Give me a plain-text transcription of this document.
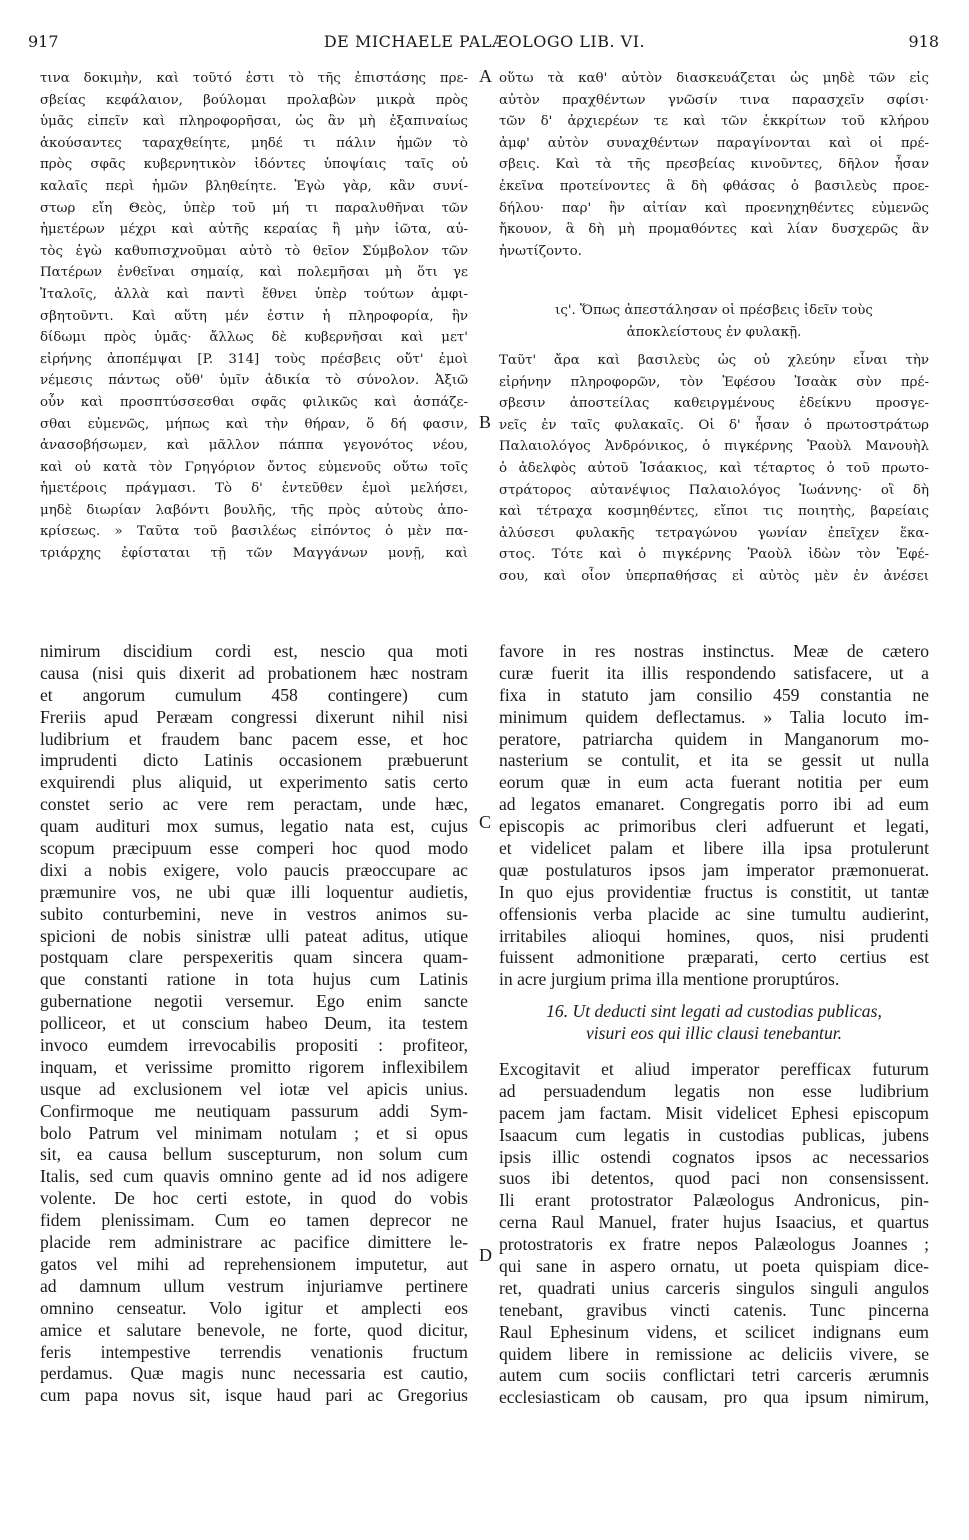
917	DE MICHAELE PALÆOLOGO LIB. VI.	918
A
B
C
D
τινα δοκιμὴν, καὶ τοῦτό ἐστι τὸ τῆς ἐπιστάσης πρε-
σβείας κεφάλαιον, βούλομαι προλαβὼν μικρὰ πρὸς
ὑμᾶς εἰπεῖν καὶ πληροφορῆσαι, ὡς ἂν μὴ ἐξαπιναίως
ἀκούσαντες ταραχθείητε, μηδέ τι πάλιν ἡμῶν τὸ
πρὸς σφᾶς κυβερνητικὸν ἰδόντες ὑποψίαις ταῖς οὐ
καλαῖς περὶ ἡμῶν βληθείητε. Ἐγὼ γὰρ, κἂν συνί-
στωρ εἴη Θεὸς, ὑπὲρ τοῦ μή τι παραλυθῆναι τῶν
ἡμετέρων μέχρι καὶ αὐτῆς κεραίας ἢ μὴν ἰῶτα, αὐ-
τὸς ἐγὼ καθυπισχνοῦμαι αὐτὸ τὸ θεῖον Σύμβολον τῶν
Πατέρων ἐνθεῖναι σημαίᾳ, καὶ πολεμῆσαι μὴ ὅτι γε
Ἰταλοῖς, ἀλλὰ καὶ παντὶ ἔθνει ὑπὲρ τούτων ἀμφι-
σβητοῦντι. Καὶ αὕτη μέν ἐστιν ἡ πληροφορία, ἣν
δίδωμι πρὸς ὑμᾶς· ἄλλως δὲ κυβερνῆσαι καὶ μετ'
εἰρήνης ἀποπέμψαι [P. 314] τοὺς πρέσβεις οὔτ' ἐμοὶ
νέμεσις πάντως οὔθ' ὑμῖν ἀδικία τὸ σύνολον. Ἀξιῶ
οὖν καὶ προσπτύσσεσθαι σφᾶς φιλικῶς καὶ ἀσπάζε-
σθαι εὐμενῶς, μήπως καὶ τὴν θήραν, ὅ δή φασιν,
ἀνασοβήσωμεν, καὶ μᾶλλον πάππα γεγονότος νέου,
καὶ οὐ κατὰ τὸν Γρηγόριον ὄντος εὐμενοῦς οὕτω τοῖς
ἡμετέροις πράγμασι. Τὸ δ' ἐντεῦθεν ἐμοὶ μελήσει,
μηδὲ διωρίαν λαβόντι βουλῆς, τῆς πρὸς αὐτοὺς ἀπο-
κρίσεως. » Ταῦτα τοῦ βασιλέως εἰπόντος ὁ μὲν πα-
τριάρχης ἐφίσταται τῇ τῶν Μαγγάνων μονῇ, καὶ
οὕτω τὰ καθ' αὐτὸν διασκευάζεται ὡς μηδὲ τῶν εἰς
αὐτὸν πραχθέντων γνῶσίν τινα παρασχεῖν σφίσι·
τῶν δ' ἀρχιερέων τε καὶ τῶν ἐκκρίτων τοῦ κλήρου
ἀμφ' αὐτὸν συναχθέντων παραγίνονται καὶ οἱ πρέ-
σβεις. Καὶ τὰ τῆς πρεσβείας κινοῦντες, δῆλον ἦσαν
ἐκεῖνα προτείνοντες ἃ δὴ φθάσας ὁ βασιλεὺς προε-
δήλου· παρ' ἣν αἰτίαν καὶ προενηχηθέντες εὐμενῶς
ἤκουον, ἃ δὴ μὴ προμαθόντες καὶ λίαν δυσχερῶς ἂν
ἠνωτίζοντο.
ις'. Ὅπως ἀπεστάλησαν οἱ πρέσβεις ἰδεῖν τοὺς
ἀποκλείστους ἐν φυλακῇ.
Ταῦτ' ἄρα καὶ βασιλεὺς ὡς οὐ χλεύην εἶναι τὴν
εἰρήνην πληροφορῶν, τὸν Ἐφέσου Ἰσαὰκ σὺν πρέ-
σβεσιν ἀποστείλας καθειργμένους ἐδείκνυ προσγε-
νεῖς ἐν ταῖς φυλακαῖς. Οἱ δ' ἦσαν ὁ πρωτοστράτωρ
Παλαιολόγος Ἀνδρόνικος, ὁ πιγκέρνης Ῥαοὺλ Μανουὴλ
ὁ ἀδελφὸς αὐτοῦ Ἰσάακιος, καὶ τέταρτος ὁ τοῦ πρωτο-
στράτορος αὐτανέψιος Παλαιολόγος Ἰωάννης· οἳ δὴ
καὶ τέτραχα κοσμηθέντες, εἴποι τις ποιητὴς, βαρείαις
ἁλύσεσι φυλακῆς τετραγώνου γωνίαν ἐπεῖχεν ἕκα-
στος. Τότε καὶ ὁ πιγκέρνης Ῥαοὺλ ἰδὼν τὸν Ἐφέ-
σου, καὶ οἷον ὑπερπαθήσας εἰ αὐτὸς μὲν ἐν ἀνέσει
nimirum discidium cordi est, nescio qua moti
causa (nisi quis dixerit ad probationem hæc nostram
et angorum cumulum 458 contingere) cum
Freriis apud Peræam congressi dixerunt nihil nisi
ludibrium et fraudem banc pacem esse, et hoc
imprudenti dicto Latinis occasionem præbuerunt
exquirendi plus aliquid, ut experimento satis certo
constet serio ac vere rem peractam, unde hæc,
quam audituri mox sumus, legatio nata est, cujus
scopum præcipuum esse comperi hoc quod modo
dixi a nobis exigere, volo paucis præoccupare ac
præmunire vos, ne ubi quæ illi loquentur audietis,
subito conturbemini, neve in vestros animos su-
spicioni de nobis sinistræ ulli pateat aditus, utique
postquam clare perspexeritis quam sincera quam-
que constanti ratione in tota hujus cum Latinis
gubernatione negotii versemur. Ego enim sancte
polliceor, et ut conscium habeo Deum, ita testem
invoco eumdem irrevocabilis propositi : profiteor,
inquam, et verissime promitto rigorem inflexibilem
usque ad exclusionem vel iotæ vel apicis unius.
Confirmoque me neutiquam passurum addi Sym-
bolo Patrum vel minimam notulam ; et si opus
sit, ea causa bellum suscepturum, non solum cum
Italis, sed cum quavis omnino gente ad id nos adigere
volente. De hoc certi estote, in quod do vobis
fidem plenissimam. Cum eo tamen deprecor ne
placide rem administrare ac pacifice dimittere le-
gatos vel mihi ad reprehensionem imputetur, aut
ad damnum ullum vestrum injuriamve pertinere
omnino censeatur. Volo igitur et amplecti eos
amice et salutare benevole, ne forte, quod dicitur,
feris intempestive terrendis venationis fructum
perdamus. Quæ magis nunc necessaria est cautio,
cum papa novus sit, isque haud pari ac Gregorius
favore in res nostras instinctus. Meæ de cætero
curæ fuerit ita illis respondendo satisfacere, ut a
fixa in statuto jam consilio 459 constantia ne
minimum quidem deflectamus. » Talia locuto im-
peratore, patriarcha quidem in Manganorum mo-
nasterium se contulit, et ita se gessit ut nulla
eorum quæ in eum acta fuerant notitia per eum
ad legatos emanaret. Congregatis porro ibi ad eum
episcopis ac primoribus cleri adfuerunt et legati,
et videlicet palam et libere illa ipsa protulerunt
quæ postulaturos ipsos jam imperator præmonuerat.
In quo ejus providentiæ fructus is constitit, ut tantæ
offensionis verba placide ac sine tumultu audierint,
irritabiles alioqui homines, quos, nisi prudenti
fuissent admonitione præparati, certo certius est
in acre jurgium prima illa mentione proruptúros.
16. Ut deducti sint legati ad custodias publicas,
visuri eos qui illic clausi tenebantur.
Excogitavit et aliud imperator perefficax futurum
ad persuadendum legatis non esse ludibrium
pacem jam factam. Misit videlicet Ephesi episcopum
Isaacum cum legatis in custodias publicas, jubens
ipsis illic ostendi cognatos ipsos ac necessarios
suos ibi detentos, quod paci non consensissent.
Ili erant protostrator Palæologus Andronicus, pin-
cerna Raul Manuel, frater hujus Isaacius, et quartus
protostratoris ex fratre nepos Palæologus Joannes ;
qui sane in aspero ornatu, ut poeta quispiam dice-
ret, quadrati unius carceris singulos singuli angulos
tenebant, gravibus vincti catenis. Tunc pincerna
Raul Ephesinum videns, et scilicet indignans eum
quidem libere in remissione ac deliciis vivere, se
autem cum sociis conflictari tetri carceris ærumnis
ecclesiasticam ob causam, pro qua ipsum nimirum,
